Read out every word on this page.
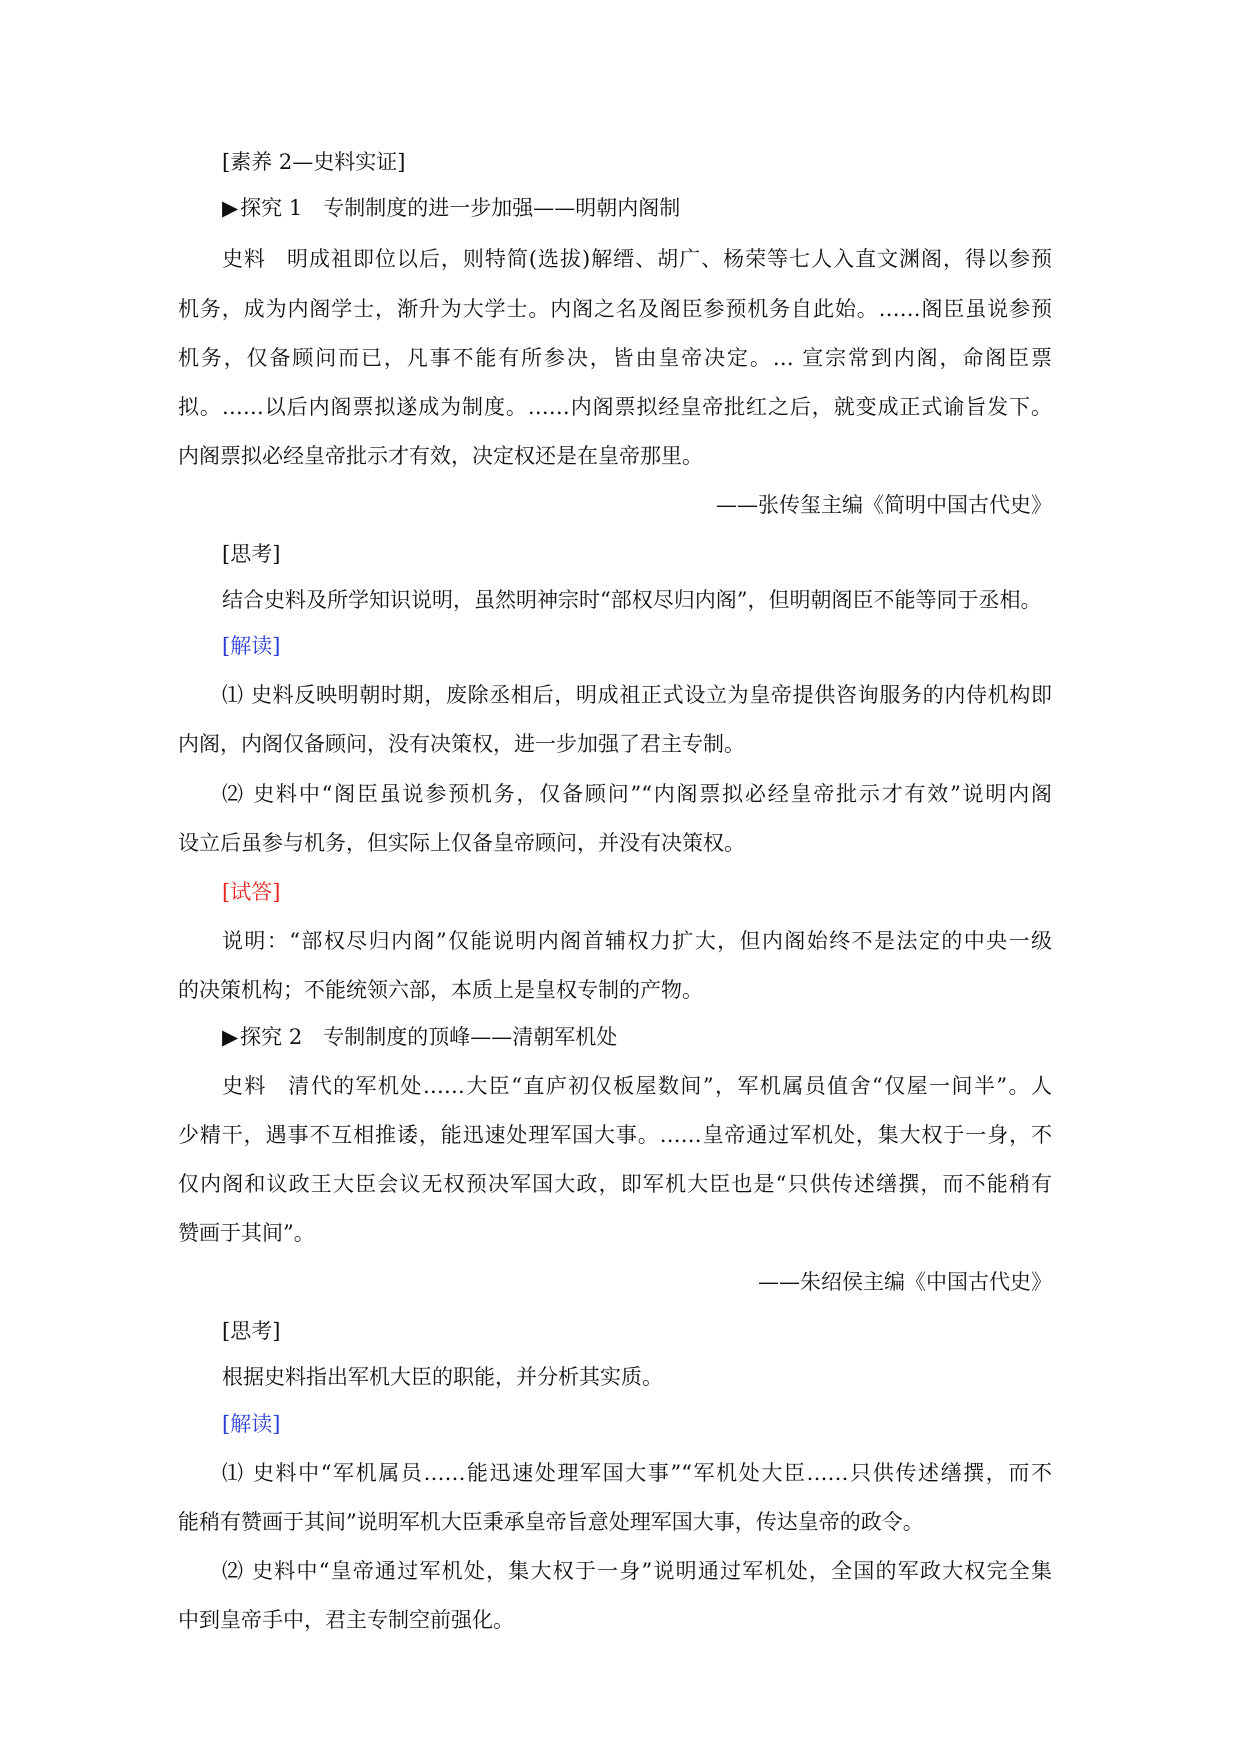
[素养 2—史料实证]
▶探究 1　专制制度的进一步加强——明朝内阁制
史料 明成祖即位以后，则特简(选拔)解缙、胡广、杨荣等七人入直文渊阁，得以参预
机务，成为内阁学士，渐升为大学士。内阁之名及阁臣参预机务自此始。……阁臣虽说参预
机务，仅备顾问而已，凡事不能有所参决，皆由皇帝决定。… 宣宗常到内阁，命阁臣票
拟。……以后内阁票拟遂成为制度。……内阁票拟经皇帝批红之后，就变成正式谕旨发下。
内阁票拟必经皇帝批示才有效，决定权还是在皇帝那里。
——张传玺主编《简明中国古代史》
[思考]
结合史料及所学知识说明，虽然明神宗时“部权尽归内阁”，但明朝阁臣不能等同于丞相。
[解读]
⑴ 史料反映明朝时期，废除丞相后，明成祖正式设立为皇帝提供咨询服务的内侍机构即
内阁，内阁仅备顾问，没有决策权，进一步加强了君主专制。
⑵ 史料中“阁臣虽说参预机务，仅备顾问”“内阁票拟必经皇帝批示才有效”说明内阁
设立后虽参与机务，但实际上仅备皇帝顾问，并没有决策权。
[试答]
说明：“部权尽归内阁”仅能说明内阁首辅权力扩大，但内阁始终不是法定的中央一级
的决策机构；不能统领六部，本质上是皇权专制的产物。
▶探究 2　专制制度的顶峰——清朝军机处
史料 清代的军机处……大臣“直庐初仅板屋数间”，军机属员值舍“仅屋一间半”。人
少精干，遇事不互相推诿，能迅速处理军国大事。……皇帝通过军机处，集大权于一身，不
仅内阁和议政王大臣会议无权预决军国大政，即军机大臣也是“只供传述缮撰，而不能稍有
赞画于其间”。
——朱绍侯主编《中国古代史》
[思考]
根据史料指出军机大臣的职能，并分析其实质。
[解读]
⑴ 史料中“军机属员……能迅速处理军国大事”“军机处大臣……只供传述缮撰，而不
能稍有赞画于其间”说明军机大臣秉承皇帝旨意处理军国大事，传达皇帝的政令。
⑵ 史料中“皇帝通过军机处，集大权于一身”说明通过军机处，全国的军政大权完全集
中到皇帝手中，君主专制空前强化。
